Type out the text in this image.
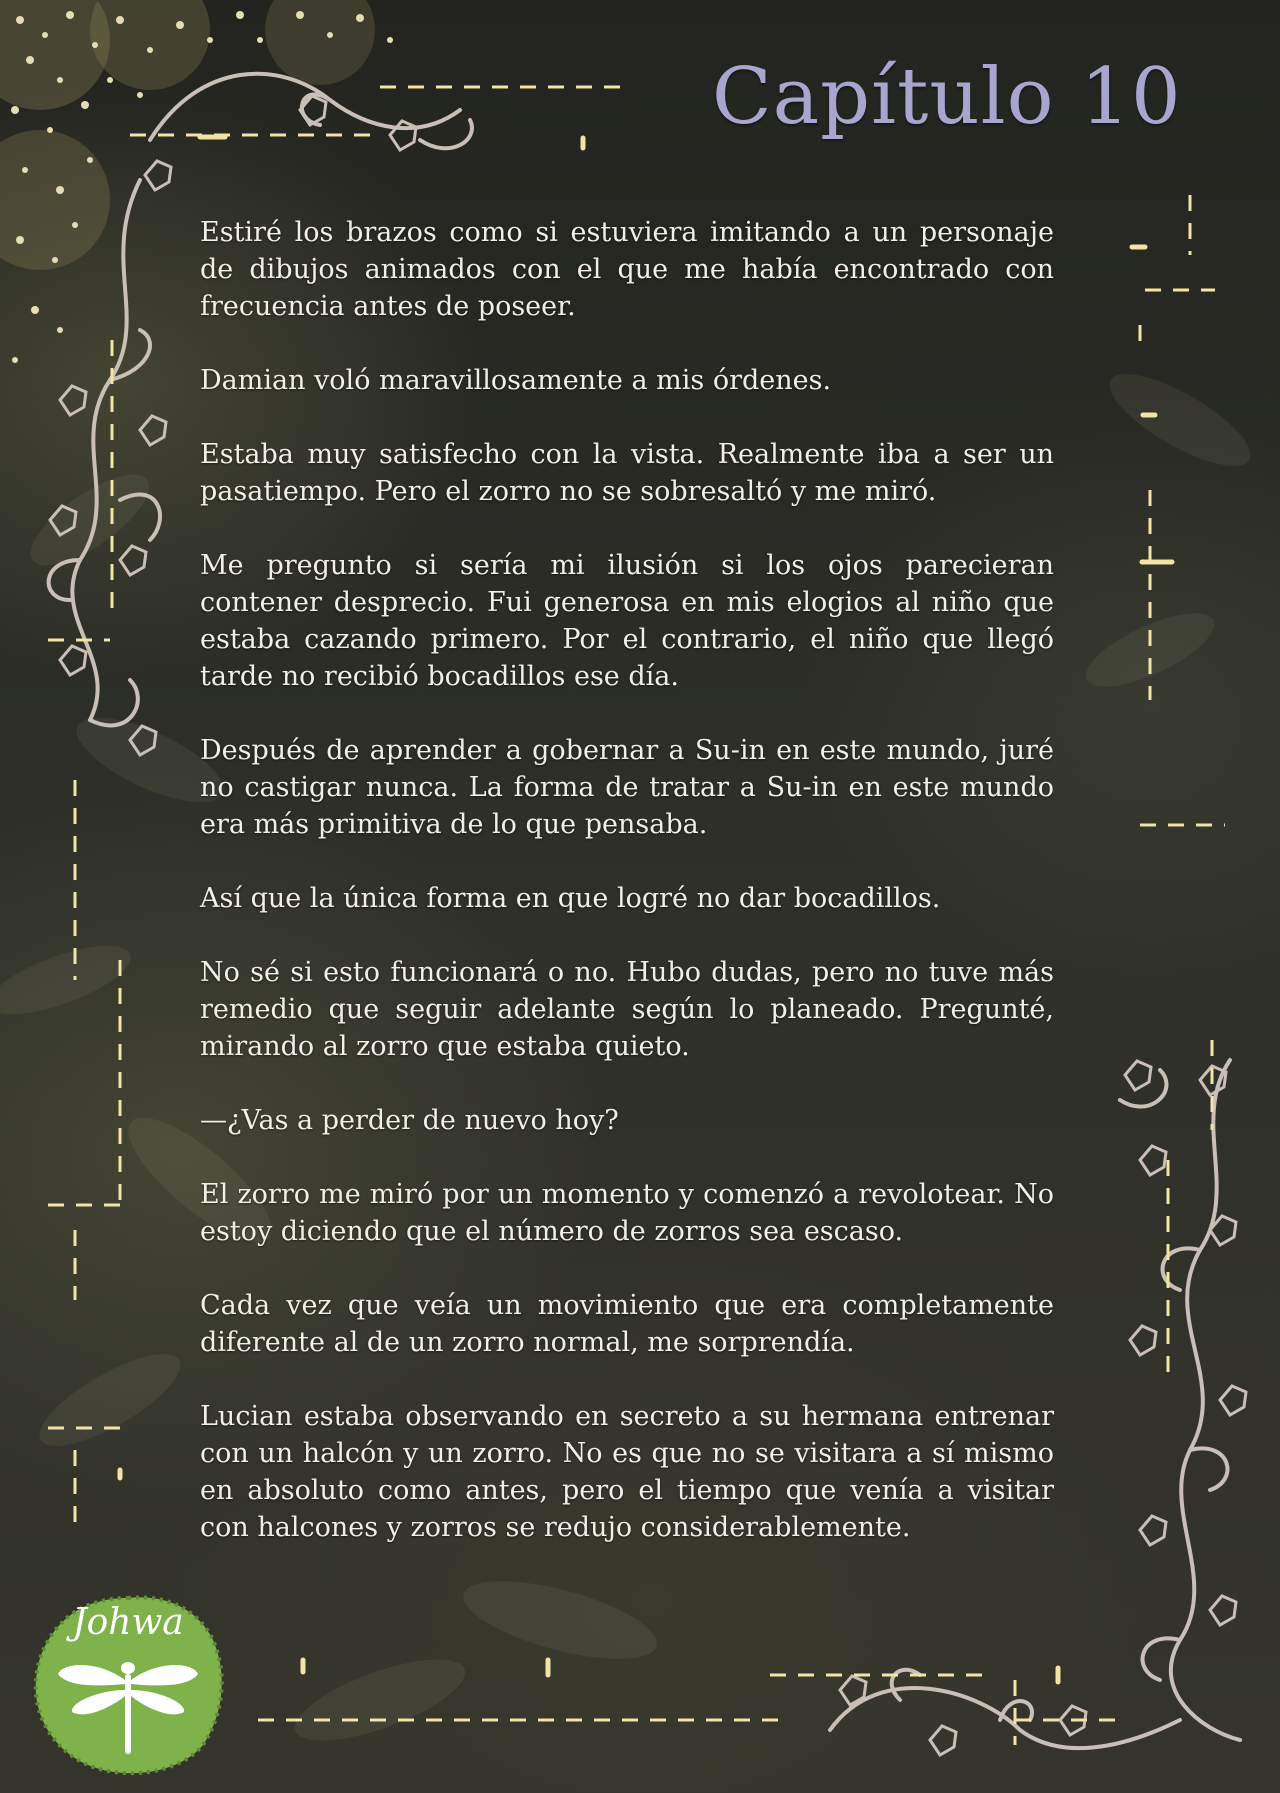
Capítulo 10

Estiré los brazos como si estuviera imitando a un personaje de dibujos animados con el que me había encontrado con frecuencia antes de poseer.

Damian voló maravillosamente a mis órdenes.

Estaba muy satisfecho con la vista. Realmente iba a ser un pasatiempo. Pero el zorro no se sobresaltó y me miró.

Me pregunto si sería mi ilusión si los ojos parecieran contener desprecio. Fui generosa en mis elogios al niño que estaba cazando primero. Por el contrario, el niño que llegó tarde no recibió bocadillos ese día.

Después de aprender a gobernar a Su-in en este mundo, juré no castigar nunca. La forma de tratar a Su-in en este mundo era más primitiva de lo que pensaba.

Así que la única forma en que logré no dar bocadillos.

No sé si esto funcionará o no. Hubo dudas, pero no tuve más remedio que seguir adelante según lo planeado. Pregunté, mirando al zorro que estaba quieto.

—¿Vas a perder de nuevo hoy?

El zorro me miró por un momento y comenzó a revolotear. No estoy diciendo que el número de zorros sea escaso.

Cada vez que veía un movimiento que era completamente diferente al de un zorro normal, me sorprendía.

Lucian estaba observando en secreto a su hermana entrenar con un halcón y un zorro. No es que no se visitara a sí mismo en absoluto como antes, pero el tiempo que venía a visitar con halcones y zorros se redujo considerablemente.

Johwa
